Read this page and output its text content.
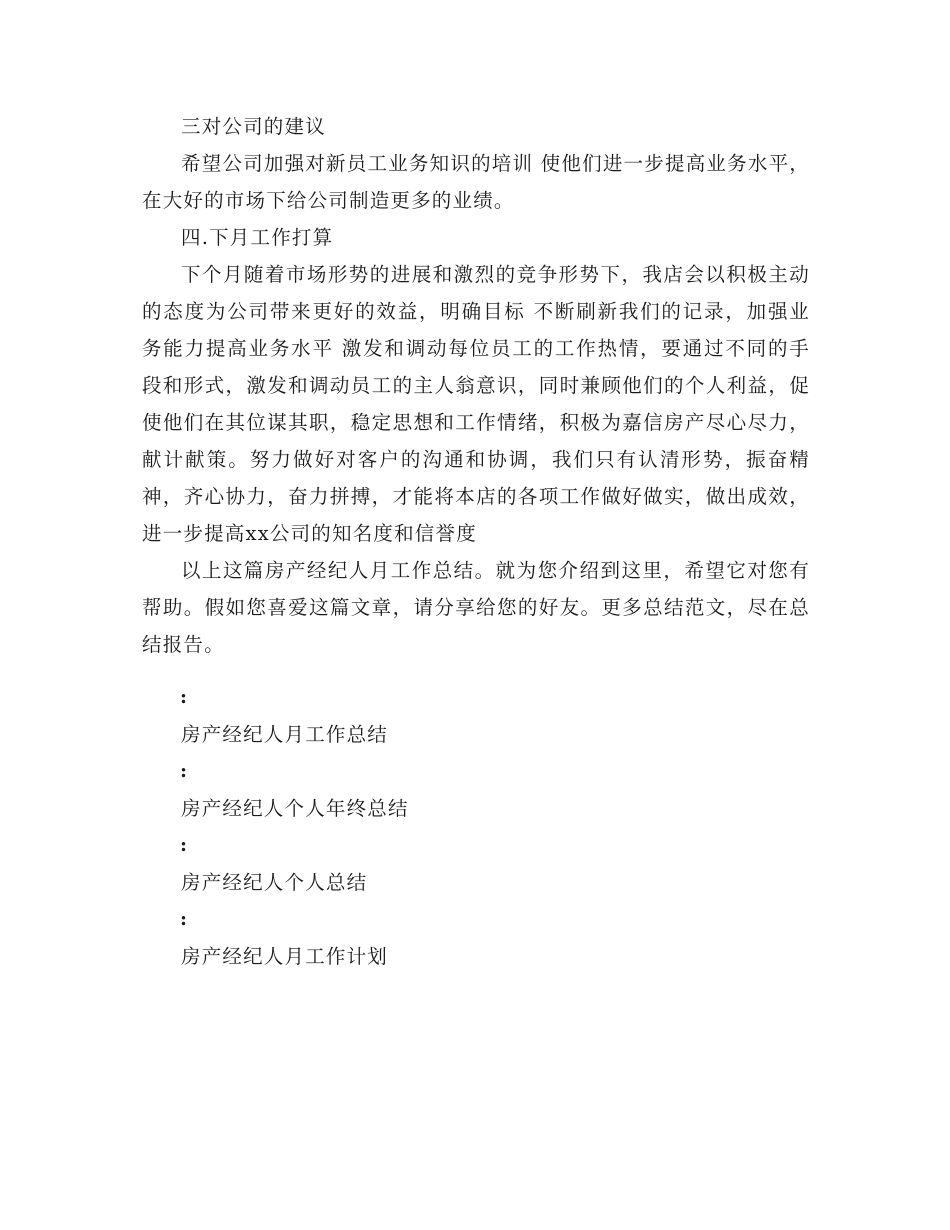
三对公司的建议

希望公司加强对新员工业务知识的培训 使他们进一步提高业务水平，在大好的市场下给公司制造更多的业绩。

四.下月工作打算

下个月随着市场形势的进展和激烈的竞争形势下，我店会以积极主动的态度为公司带来更好的效益，明确目标 不断刷新我们的记录，加强业务能力提高业务水平 激发和调动每位员工的工作热情，要通过不同的手段和形式，激发和调动员工的主人翁意识，同时兼顾他们的个人利益，促使他们在其位谋其职，稳定思想和工作情绪，积极为嘉信房产尽心尽力，献计献策。努力做好对客户的沟通和协调，我们只有认清形势，振奋精神，齐心协力，奋力拼搏，才能将本店的各项工作做好做实，做出成效，进一步提高xx公司的知名度和信誉度

以上这篇房产经纪人月工作总结。就为您介绍到这里，希望它对您有帮助。假如您喜爱这篇文章，请分享给您的好友。更多总结范文，尽在总结报告。

:

房产经纪人月工作总结

:

房产经纪人个人年终总结

:

房产经纪人个人总结

:

房产经纪人月工作计划
